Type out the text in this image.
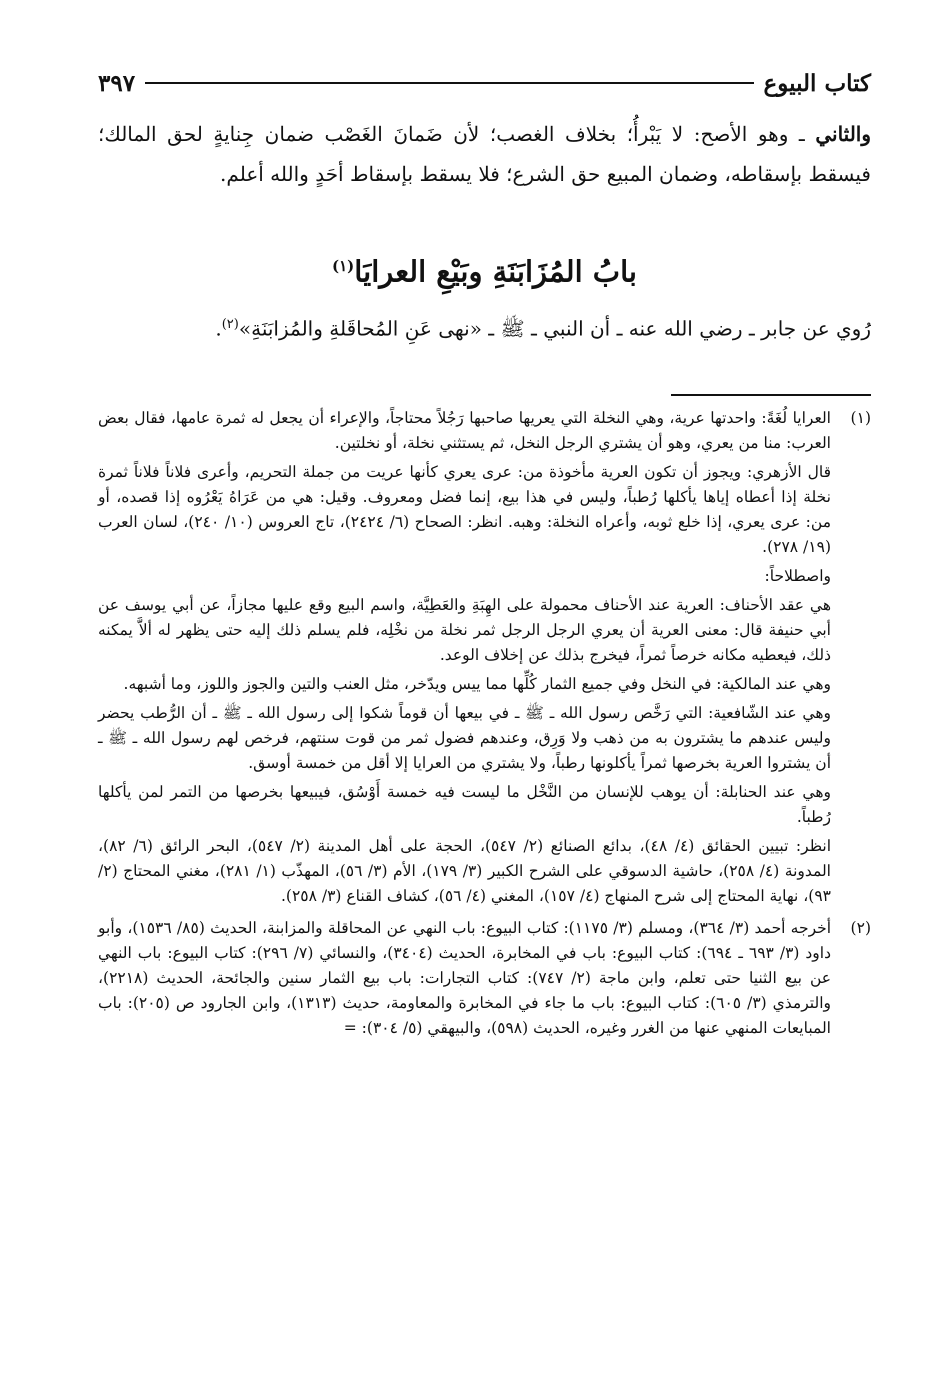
كتاب البيوع
٣٩٧

والثاني ـ وهو الأصح: لا يَبْرأُ؛ بخلاف الغصب؛ لأن ضَمانَ الغَصْب ضمان جِنايةٍ لحق المالك؛ فيسقط بإسقاطه، وضمان المبيع حق الشرع؛ فلا يسقط بإسقاط أحَدٍ والله أعلم.

بابُ المُزَابَنَةِ وبَيْعِ العرايَا$^{(١)}$
رُوي عن جابر ـ رضي الله عنه ـ أن النبي ـ ﷺ ـ «نهى عَنِ المُحاقَلةِ والمُزابَنَةِ»$^{(٢)}$.
(١)

العرايا لُغَةً: واحدتها عرية، وهي النخلة التي يعريها صاحبها رَجُلاً محتاجاً، والإعراء أن يجعل له ثمرة عامها، فقال بعض العرب: منا من يعري، وهو أن يشتري الرجل النخل، ثم يستثني نخلة، أو نخلتين.

قال الأزهري: ويجوز أن تكون العرية مأخوذة من: عرى يعري كأنها عريت من جملة التحريم، وأعرى فلاناً فلاناً ثمرة نخلة إذا أعطاه إياها يأكلها رُطباً، وليس في هذا بيع، إنما فضل ومعروف. وقيل: هي من عَرَاهُ يَعْرُوه إذا قصده، أو من: عرى يعري، إذا خلع ثوبه، وأعراه النخلة: وهبه. انظر: الصحاح (٦/ ٢٤٢٤)، تاج العروس (١٠/ ٢٤٠)، لسان العرب (١٩/ ٢٧٨).

واصطلاحاً:

هي عقد الأحناف: العرية عند الأحناف محمولة على الهِبَةِ والعَطِيَّة، واسم البيع وقع عليها مجازاً، عن أبي يوسف عن أبي حنيفة قال: معنى العرية أن يعري الرجل الرجل ثمر نخلة من نخْلِه، فلم يسلم ذلك إليه حتى يظهر له ألاَّ يمكنه ذلك، فيعطيه مكانه خرصاً ثمراً، فيخرج بذلك عن إخلاف الوعد.

وهي عند المالكية: في النخل وفي جميع الثمار كُلِّها مما ييس ويدّخر، مثل العنب والتين والجوز واللوز، وما أشبهه.

وهي عند الشّافعية: التي رَخَّص رسول الله ـ ﷺ ـ في بيعها أن قوماً شكوا إلى رسول الله ـ ﷺ ـ أن الرُّطب يحضر وليس عندهم ما يشترون به من ذهب ولا وَرِق، وعندهم فضول ثمر من قوت سنتهم، فرخص لهم رسول الله ـ ﷺ ـ أن يشتروا العرية بخرصها ثمراً يأكلونها رطباً، ولا يشتري من العرايا إلا أقل من خمسة أوسق.

وهي عند الحنابلة: أن يوهب للإنسان من النَّخْل ما ليست فيه خمسة أَوْسُق، فيبيعها بخرصها من التمر لمن يأكلها رُطباً.

انظر: تبيين الحقائق (٤/ ٤٨)، بدائع الصنائع (٢/ ٥٤٧)، الحجة على أهل المدينة (٢/ ٥٤٧)، البحر الرائق (٦/ ٨٢)، المدونة (٤/ ٢٥٨)، حاشية الدسوقي على الشرح الكبير (٣/ ١٧٩)، الأم (٣/ ٥٦)، المهذّب (١/ ٢٨١)، مغني المحتاج (٢/ ٩٣)، نهاية المحتاج إلى شرح المنهاج (٤/ ١٥٧)، المغني (٤/ ٥٦)، كشاف القناع (٣/ ٢٥٨).

(٢)

أخرجه أحمد (٣/ ٣٦٤)، ومسلم (٣/ ١١٧٥): كتاب البيوع: باب النهي عن المحاقلة والمزابنة، الحديث (٨٥/ ١٥٣٦)، وأبو داود (٣/ ٦٩٣ ـ ٦٩٤): كتاب البيوع: باب في المخابرة، الحديث (٣٤٠٤)، والنسائي (٧/ ٢٩٦): كتاب البيوع: باب النهي عن بيع الثنيا حتى تعلم، وابن ماجة (٢/ ٧٤٧): كتاب التجارات: باب بيع الثمار سنين والجائحة، الحديث (٢٢١٨)، والترمذي (٣/ ٦٠٥): كتاب البيوع: باب ما جاء في المخابرة والمعاومة، حديث (١٣١٣)، وابن الجارود ص (٢٠٥): باب المبايعات المنهي عنها من الغرر وغيره، الحديث (٥٩٨)، والبيهقي (٥/ ٣٠٤): =
